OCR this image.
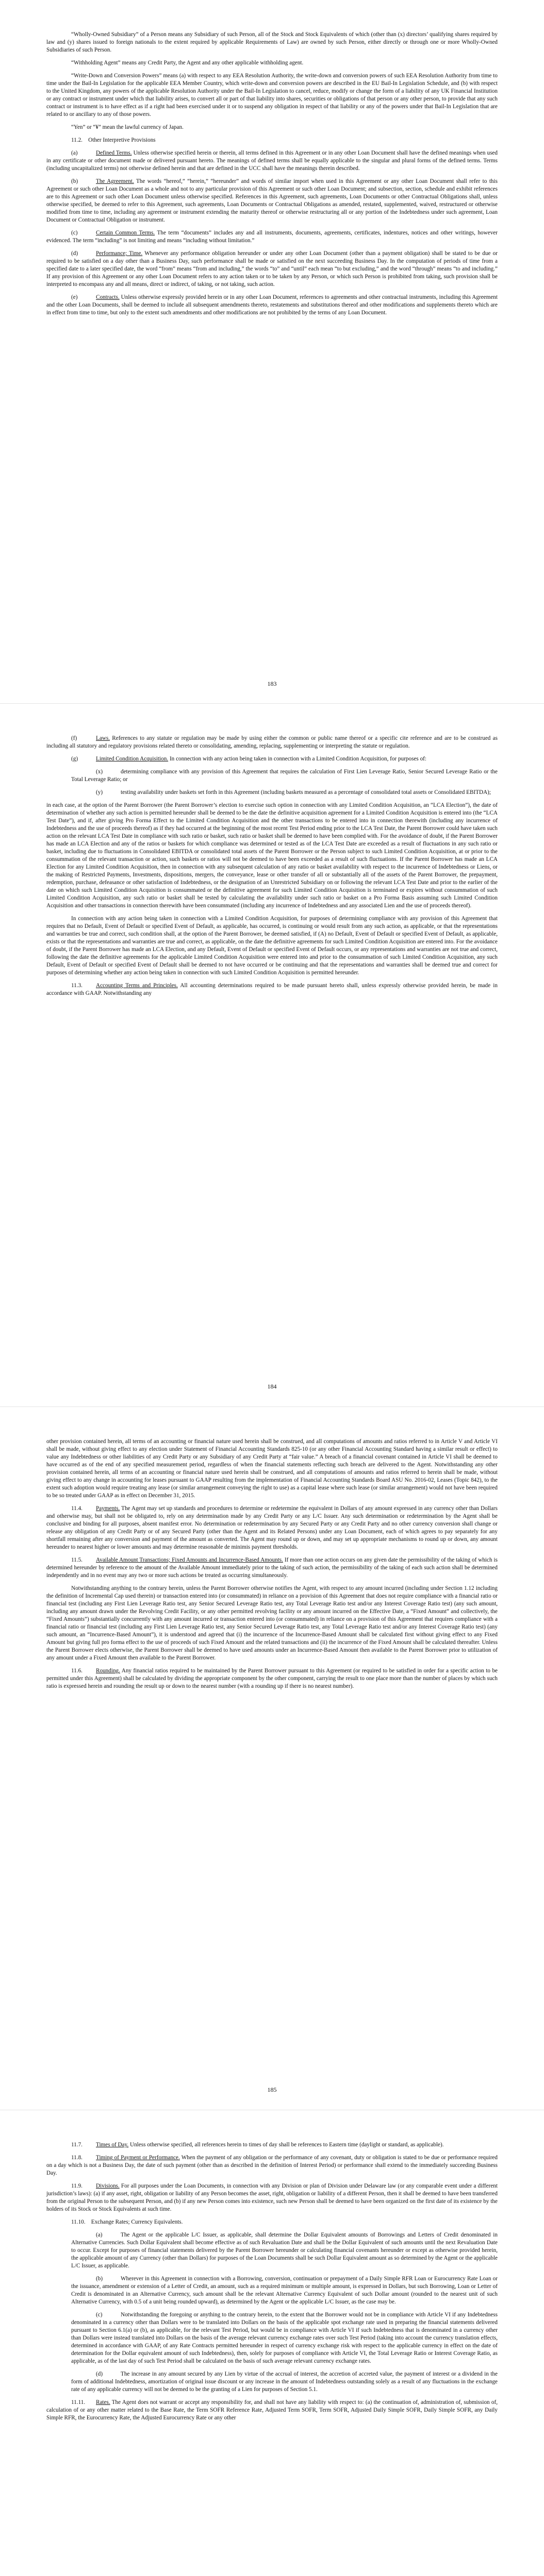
“Wholly-Owned Subsidiary” of a Person means any Subsidiary of such Person, all of the Stock and Stock Equivalents of which (other than (x) directors’ qualifying shares required by law and (y) shares issued to foreign nationals to the extent required by applicable Requirements of Law) are owned by such Person, either directly or through one or more Wholly-Owned Subsidiaries of such Person.

“Withholding Agent” means any Credit Party, the Agent and any other applicable withholding agent.

“Write-Down and Conversion Powers” means (a) with respect to any EEA Resolution Authority, the write-down and conversion powers of such EEA Resolution Authority from time to time under the Bail-In Legislation for the applicable EEA Member Country, which write-down and conversion powers are described in the EU Bail-In Legislation Schedule, and (b) with respect to the United Kingdom, any powers of the applicable Resolution Authority under the Bail-In Legislation to cancel, reduce, modify or change the form of a liability of any UK Financial Institution or any contract or instrument under which that liability arises, to convert all or part of that liability into shares, securities or obligations of that person or any other person, to provide that any such contract or instrument is to have effect as if a right had been exercised under it or to suspend any obligation in respect of that liability or any of the powers under that Bail-In Legislation that are related to or ancillary to any of those powers.

“Yen” or “¥” mean the lawful currency of Japan.

11.2. Other Interpretive Provisions

(a)	Defined Terms. Unless otherwise specified herein or therein, all terms defined in this Agreement or in any other Loan Document shall have the defined meanings when used in any certificate or other document made or delivered pursuant hereto. The meanings of defined terms shall be equally applicable to the singular and plural forms of the defined terms. Terms (including uncapitalized terms) not otherwise defined herein and that are defined in the UCC shall have the meanings therein described.

(b)	The Agreement. The words “hereof,” “herein,” “hereunder” and words of similar import when used in this Agreement or any other Loan Document shall refer to this Agreement or such other Loan Document as a whole and not to any particular provision of this Agreement or such other Loan Document; and subsection, section, schedule and exhibit references are to this Agreement or such other Loan Document unless otherwise specified. References in this Agreement, such agreements, Loan Documents or other Contractual Obligations shall, unless otherwise specified, be deemed to refer to this Agreement, such agreements, Loan Documents or Contractual Obligations as amended, restated, supplemented, waived, restructured or otherwise modified from time to time, including any agreement or instrument extending the maturity thereof or otherwise restructuring all or any portion of the Indebtedness under such agreement, Loan Document or Contractual Obligation or instrument.

(c)	Certain Common Terms. The term “documents” includes any and all instruments, documents, agreements, certificates, indentures, notices and other writings, however evidenced. The term “including” is not limiting and means “including without limitation.”

(d)	Performance; Time. Whenever any performance obligation hereunder or under any other Loan Document (other than a payment obligation) shall be stated to be due or required to be satisfied on a day other than a Business Day, such performance shall be made or satisfied on the next succeeding Business Day. In the computation of periods of time from a specified date to a later specified date, the word “from” means “from and including,” the words “to” and “until” each mean “to but excluding,” and the word “through” means “to and including.” If any provision of this Agreement or any other Loan Document refers to any action taken or to be taken by any Person, or which such Person is prohibited from taking, such provision shall be interpreted to encompass any and all means, direct or indirect, of taking, or not taking, such action.

(e)	Contracts. Unless otherwise expressly provided herein or in any other Loan Document, references to agreements and other contractual instruments, including this Agreement and the other Loan Documents, shall be deemed to include all subsequent amendments thereto, restatements and substitutions thereof and other modifications and supplements thereto which are in effect from time to time, but only to the extent such amendments and other modifications are not prohibited by the terms of any Loan Document.

183

(f)	Laws. References to any statute or regulation may be made by using either the common or public name thereof or a specific cite reference and are to be construed as including all statutory and regulatory provisions related thereto or consolidating, amending, replacing, supplementing or interpreting the statute or regulation.

(g)	Limited Condition Acquisition. In connection with any action being taken in connection with a Limited Condition Acquisition, for purposes of:

(x)	determining compliance with any provision of this Agreement that requires the calculation of First Lien Leverage Ratio, Senior Secured Leverage Ratio or the Total Leverage Ratio; or

(y)	testing availability under baskets set forth in this Agreement (including baskets measured as a percentage of consolidated total assets or Consolidated EBITDA);

in each case, at the option of the Parent Borrower (the Parent Borrower’s election to exercise such option in connection with any Limited Condition Acquisition, an “LCA Election”), the date of determination of whether any such action is permitted hereunder shall be deemed to be the date the definitive acquisition agreement for a Limited Condition Acquisition is entered into (the “LCA Test Date”), and if, after giving Pro Forma Effect to the Limited Condition Acquisition and the other transactions to be entered into in connection therewith (including any incurrence of Indebtedness and the use of proceeds thereof) as if they had occurred at the beginning of the most recent Test Period ending prior to the LCA Test Date, the Parent Borrower could have taken such action on the relevant LCA Test Date in compliance with such ratio or basket, such ratio or basket shall be deemed to have been complied with. For the avoidance of doubt, if the Parent Borrower has made an LCA Election and any of the ratios or baskets for which compliance was determined or tested as of the LCA Test Date are exceeded as a result of fluctuations in any such ratio or basket, including due to fluctuations in Consolidated EBITDA or consolidated total assets of the Parent Borrower or the Person subject to such Limited Condition Acquisition, at or prior to the consummation of the relevant transaction or action, such baskets or ratios will not be deemed to have been exceeded as a result of such fluctuations. If the Parent Borrower has made an LCA Election for any Limited Condition Acquisition, then in connection with any subsequent calculation of any ratio or basket availability with respect to the incurrence of Indebtedness or Liens, or the making of Restricted Payments, Investments, dispositions, mergers, the conveyance, lease or other transfer of all or substantially all of the assets of the Parent Borrower, the prepayment, redemption, purchase, defeasance or other satisfaction of Indebtedness, or the designation of an Unrestricted Subsidiary on or following the relevant LCA Test Date and prior to the earlier of the date on which such Limited Condition Acquisition is consummated or the definitive agreement for such Limited Condition Acquisition is terminated or expires without consummation of such Limited Condition Acquisition, any such ratio or basket shall be tested by calculating the availability under such ratio or basket on a Pro Forma Basis assuming such Limited Condition Acquisition and other transactions in connection therewith have been consummated (including any incurrence of Indebtedness and any associated Lien and the use of proceeds thereof).

In connection with any action being taken in connection with a Limited Condition Acquisition, for purposes of determining compliance with any provision of this Agreement that requires that no Default, Event of Default or specified Event of Default, as applicable, has occurred, is continuing or would result from any such action, as applicable, or that the representations and warranties be true and correct, such condition shall, at the option of the Parent Borrower, be deemed satisfied, if (A) no Default, Event of Default or specified Event of Default, as applicable, exists or that the representations and warranties are true and correct, as applicable, on the date the definitive agreements for such Limited Condition Acquisition are entered into. For the avoidance of doubt, if the Parent Borrower has made an LCA Election, and any Default, Event of Default or specified Event of Default occurs, or any representations and warranties are not true and correct, following the date the definitive agreements for the applicable Limited Condition Acquisition were entered into and prior to the consummation of such Limited Condition Acquisition, any such Default, Event of Default or specified Event of Default shall be deemed to not have occurred or be continuing and that the representations and warranties shall be deemed true and correct for purposes of determining whether any action being taken in connection with such Limited Condition Acquisition is permitted hereunder.

11.3. Accounting Terms and Principles. All accounting determinations required to be made pursuant hereto shall, unless expressly otherwise provided herein, be made in accordance with GAAP. Notwithstanding any

184

other provision contained herein, all terms of an accounting or financial nature used herein shall be construed, and all computations of amounts and ratios referred to in Article V and Article VI shall be made, without giving effect to any election under Statement of Financial Accounting Standards 825-10 (or any other Financial Accounting Standard having a similar result or effect) to value any Indebtedness or other liabilities of any Credit Party or any Subsidiary of any Credit Party at “fair value.” A breach of a financial covenant contained in Article VI shall be deemed to have occurred as of the end of any specified measurement period, regardless of when the financial statements reflecting such breach are delivered to the Agent. Notwithstanding any other provision contained herein, all terms of an accounting or financial nature used herein shall be construed, and all computations of amounts and ratios referred to herein shall be made, without giving effect to any change in accounting for leases pursuant to GAAP resulting from the implementation of Financial Accounting Standards Board ASU No. 2016-02, Leases (Topic 842), to the extent such adoption would require treating any lease (or similar arrangement conveying the right to use) as a capital lease where such lease (or similar arrangement) would not have been required to be so treated under GAAP as in effect on December 31, 2015.

11.4. Payments. The Agent may set up standards and procedures to determine or redetermine the equivalent in Dollars of any amount expressed in any currency other than Dollars and otherwise may, but shall not be obligated to, rely on any determination made by any Credit Party or any L/C Issuer. Any such determination or redetermination by the Agent shall be conclusive and binding for all purposes, absent manifest error. No determination or redetermination by any Secured Party or any Credit Party and no other currency conversion shall change or release any obligation of any Credit Party or of any Secured Party (other than the Agent and its Related Persons) under any Loan Document, each of which agrees to pay separately for any shortfall remaining after any conversion and payment of the amount as converted. The Agent may round up or down, and may set up appropriate mechanisms to round up or down, any amount hereunder to nearest higher or lower amounts and may determine reasonable de minimis payment thresholds.

11.5. Available Amount Transactions; Fixed Amounts and Incurrence-Based Amounts. If more than one action occurs on any given date the permissibility of the taking of which is determined hereunder by reference to the amount of the Available Amount immediately prior to the taking of such action, the permissibility of the taking of each such action shall be determined independently and in no event may any two or more such actions be treated as occurring simultaneously.

Notwithstanding anything to the contrary herein, unless the Parent Borrower otherwise notifies the Agent, with respect to any amount incurred (including under Section 1.12 including the definition of Incremental Cap used therein) or transaction entered into (or consummated) in reliance on a provision of this Agreement that does not require compliance with a financial ratio or financial test (including any First Lien Leverage Ratio test, any Senior Secured Leverage Ratio test, any Total Leverage Ratio test and/or any Interest Coverage Ratio test) (any such amount, including any amount drawn under the Revolving Credit Facility, or any other permitted revolving facility or any amount incurred on the Effective Date, a “Fixed Amount” and collectively, the “Fixed Amounts”) substantially concurrently with any amount incurred or transaction entered into (or consummated) in reliance on a provision of this Agreement that requires compliance with a financial ratio or financial test (including any First Lien Leverage Ratio test, any Senior Secured Leverage Ratio test, any Total Leverage Ratio test and/or any Interest Coverage Ratio test) (any such amount, an “Incurrence-Based Amount”), it is understood and agreed that (i) the incurrence of the Incurrence-Based Amount shall be calculated first without giving effect to any Fixed Amount but giving full pro forma effect to the use of proceeds of such Fixed Amount and the related transactions and (ii) the incurrence of the Fixed Amount shall be calculated thereafter. Unless the Parent Borrower elects otherwise, the Parent Borrower shall be deemed to have used amounts under an Incurrence-Based Amount then available to the Parent Borrower prior to utilization of any amount under a Fixed Amount then available to the Parent Borrower.

11.6. Rounding. Any financial ratios required to be maintained by the Parent Borrower pursuant to this Agreement (or required to be satisfied in order for a specific action to be permitted under this Agreement) shall be calculated by dividing the appropriate component by the other component, carrying the result to one place more than the number of places by which such ratio is expressed herein and rounding the result up or down to the nearest number (with a rounding up if there is no nearest number).

185

11.7. Times of Day. Unless otherwise specified, all references herein to times of day shall be references to Eastern time (daylight or standard, as applicable).

11.8. Timing of Payment or Performance. When the payment of any obligation or the performance of any covenant, duty or obligation is stated to be due or performance required on a day which is not a Business Day, the date of such payment (other than as described in the definition of Interest Period) or performance shall extend to the immediately succeeding Business Day.

11.9. Divisions. For all purposes under the Loan Documents, in connection with any Division or plan of Division under Delaware law (or any comparable event under a different jurisdiction’s laws): (a) if any asset, right, obligation or liability of any Person becomes the asset, right, obligation or liability of a different Person, then it shall be deemed to have been transferred from the original Person to the subsequent Person, and (b) if any new Person comes into existence, such new Person shall be deemed to have been organized on the first date of its existence by the holders of its Stock or Stock Equivalents at such time.

11.10. Exchange Rates; Currency Equivalents.

(a)	The Agent or the applicable L/C Issuer, as applicable, shall determine the Dollar Equivalent amounts of Borrowings and Letters of Credit denominated in Alternative Currencies. Such Dollar Equivalent shall become effective as of such Revaluation Date and shall be the Dollar Equivalent of such amounts until the next Revaluation Date to occur. Except for purposes of financial statements delivered by the Parent Borrower hereunder or calculating financial covenants hereunder or except as otherwise provided herein, the applicable amount of any Currency (other than Dollars) for purposes of the Loan Documents shall be such Dollar Equivalent amount as so determined by the Agent or the applicable L/C Issuer, as applicable.

(b)	Wherever in this Agreement in connection with a Borrowing, conversion, continuation or prepayment of a Daily Simple RFR Loan or Eurocurrency Rate Loan or the issuance, amendment or extension of a Letter of Credit, an amount, such as a required minimum or multiple amount, is expressed in Dollars, but such Borrowing, Loan or Letter of Credit is denominated in an Alternative Currency, such amount shall be the relevant Alternative Currency Equivalent of such Dollar amount (rounded to the nearest unit of such Alternative Currency, with 0.5 of a unit being rounded upward), as determined by the Agent or the applicable L/C Issuer, as the case may be.

(c)	Notwithstanding the foregoing or anything to the contrary herein, to the extent that the Borrower would not be in compliance with Article VI if any Indebtedness denominated in a currency other than Dollars were to be translated into Dollars on the basis of the applicable spot exchange rate used in preparing the financial statements delivered pursuant to Section 6.1(a) or (b), as applicable, for the relevant Test Period, but would be in compliance with Article VI if such Indebtedness that is denominated in a currency other than Dollars were instead translated into Dollars on the basis of the average relevant currency exchange rates over such Test Period (taking into account the currency translation effects, determined in accordance with GAAP, of any Rate Contracts permitted hereunder in respect of currency exchange risk with respect to the applicable currency in effect on the date of determination for the Dollar equivalent amount of such Indebtedness), then, solely for purposes of compliance with Article VI, the Total Leverage Ratio or Interest Coverage Ratio, as applicable, as of the last day of such Test Period shall be calculated on the basis of such average relevant currency exchange rates.

(d)	The increase in any amount secured by any Lien by virtue of the accrual of interest, the accretion of accreted value, the payment of interest or a dividend in the form of additional Indebtedness, amortization of original issue discount or any increase in the amount of Indebtedness outstanding solely as a result of any fluctuations in the exchange rate of any applicable currency will not be deemed to be the granting of a Lien for purposes of Section 5.1.

11.11. Rates. The Agent does not warrant or accept any responsibility for, and shall not have any liability with respect to: (a) the continuation of, administration of, submission of, calculation of or any other matter related to the Base Rate, the Term SOFR Reference Rate, Adjusted Term SOFR, Term SOFR, Adjusted Daily Simple SOFR, Daily Simple SOFR, any Daily Simple RFR, the Eurocurrency Rate, the Adjusted Eurocurrency Rate or any other
